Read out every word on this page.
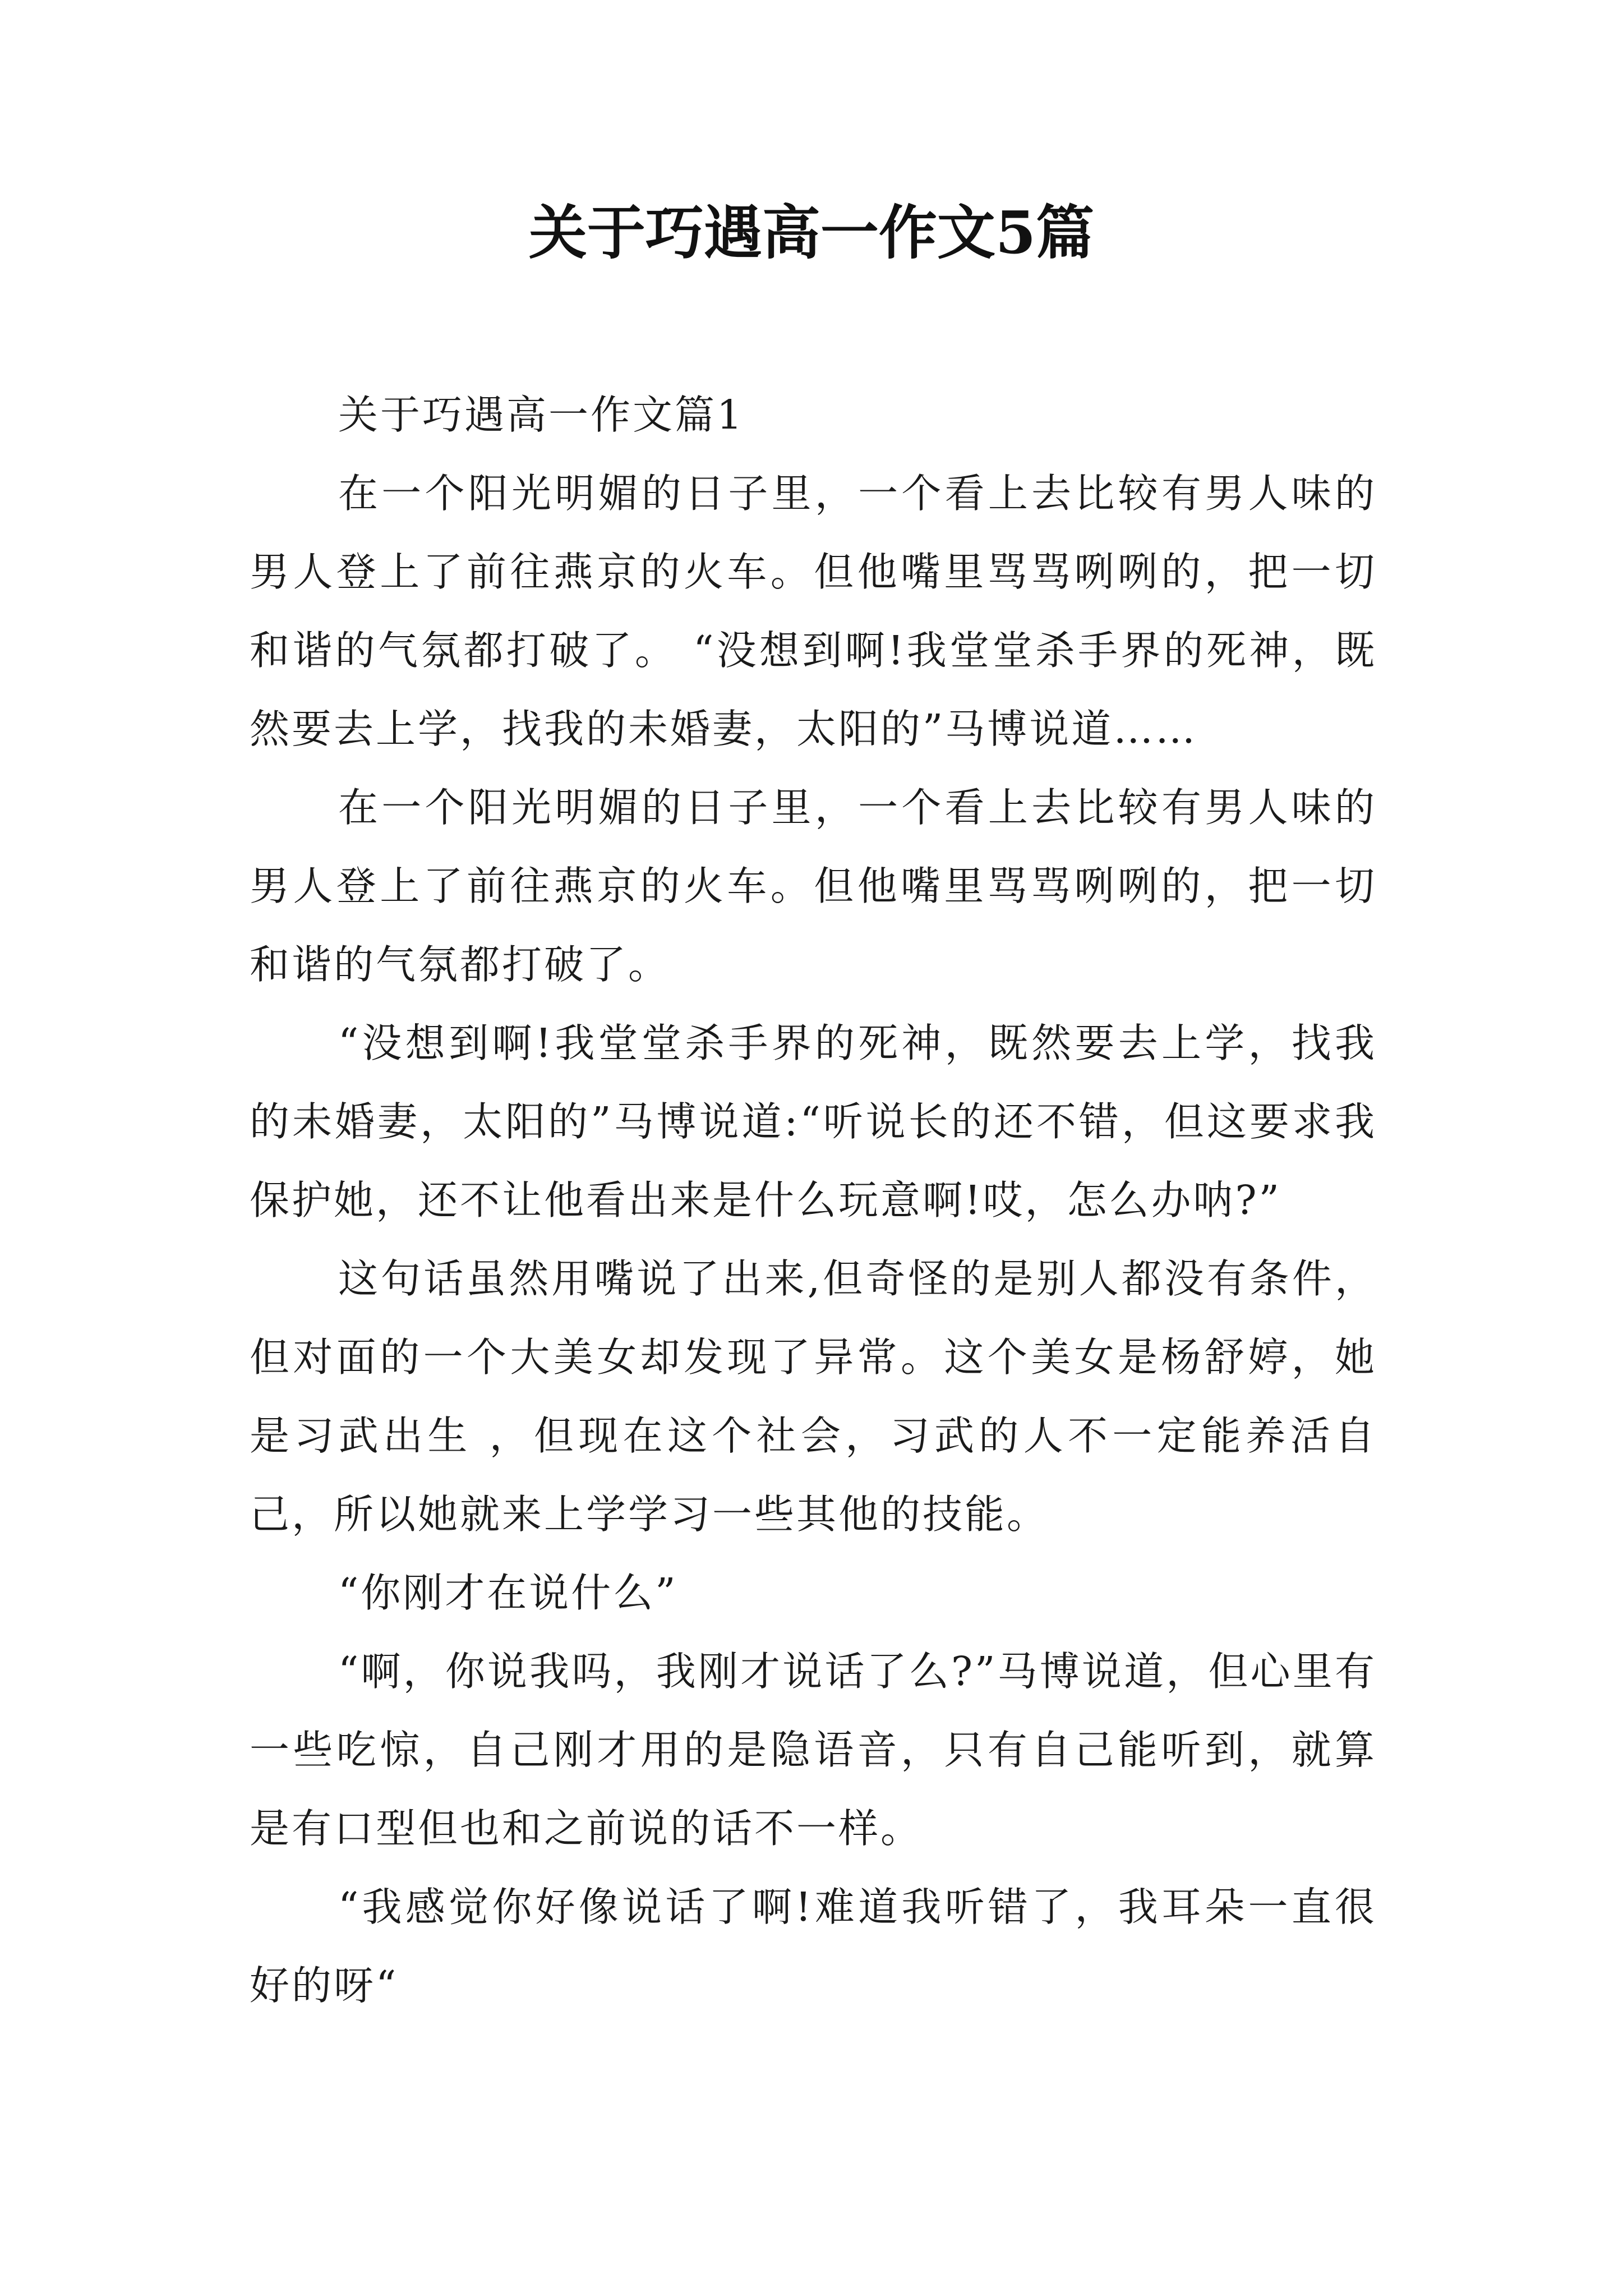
关于巧遇高一作文5篇

关于巧遇高一作文篇1

在一个阳光明媚的日子里，一个看上去比较有男人味的男人登上了前往燕京的火车。但他嘴里骂骂咧咧的，把一切和谐的气氛都打破了。 “没想到啊!我堂堂杀手界的死神，既然要去上学，找我的未婚妻，太阳的”马博说道……

在一个阳光明媚的日子里，一个看上去比较有男人味的男人登上了前往燕京的火车。但他嘴里骂骂咧咧的，把一切和谐的气氛都打破了。

“没想到啊!我堂堂杀手界的死神，既然要去上学，找我的未婚妻，太阳的”马博说道:“听说长的还不错，但这要求我保护她，还不让他看出来是什么玩意啊!哎，怎么办呐?”

这句话虽然用嘴说了出来,但奇怪的是别人都没有条件，但对面的一个大美女却发现了异常。这个美女是杨舒婷，她是习武出生 ，但现在这个社会，习武的人不一定能养活自己，所以她就来上学学习一些其他的技能。

“你刚才在说什么”

“啊，你说我吗，我刚才说话了么?”马博说道，但心里有一些吃惊，自己刚才用的是隐语音，只有自己能听到，就算是有口型但也和之前说的话不一样。

“我感觉你好像说话了啊!难道我听错了，我耳朵一直很好的呀“
